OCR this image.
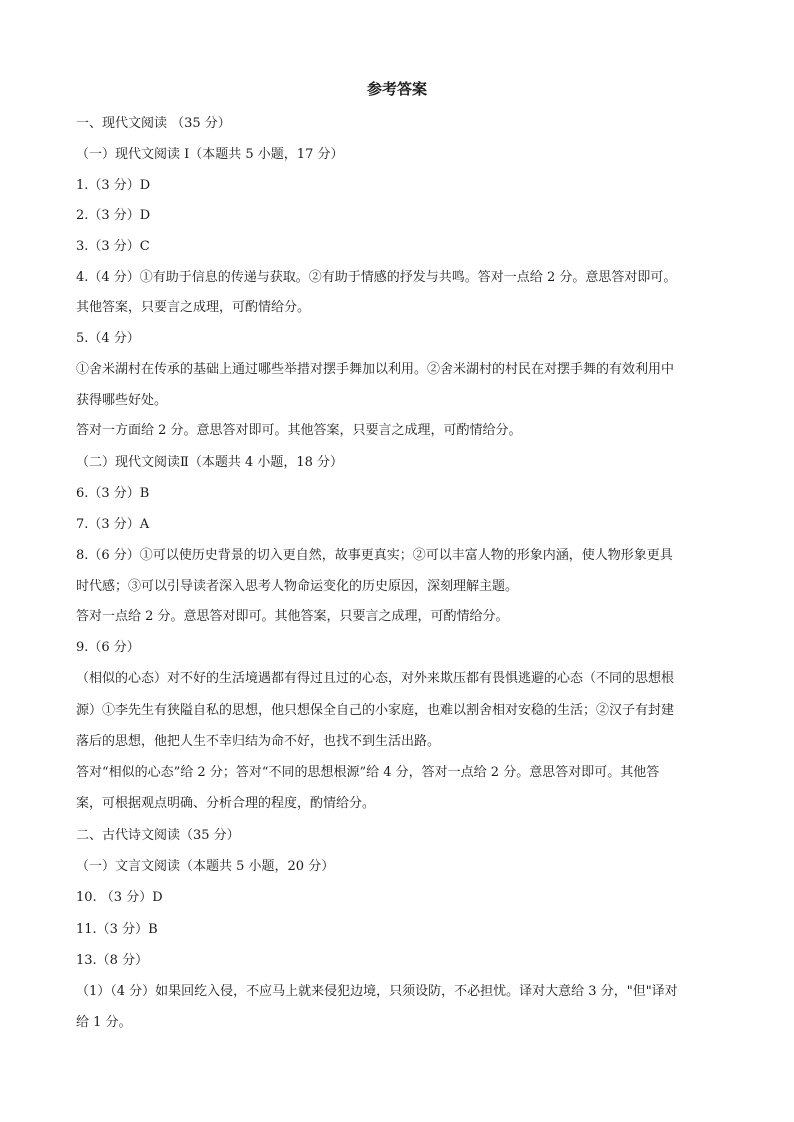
参考答案

一、现代文阅读 （35 分）

（一）现代文阅读 I（本题共 5 小题，17 分）

1.（3 分）D

2.（3 分）D

3.（3 分）C

4.（4 分）①有助于信息的传递与获取。②有助于情感的抒发与共鸣。答对一点给 2 分。意思答对即可。

其他答案，只要言之成理，可酌情给分。

5.（4 分）

①舍米湖村在传承的基础上通过哪些举措对摆手舞加以利用。②舍米湖村的村民在对摆手舞的有效利用中

获得哪些好处。

答对一方面给 2 分。意思答对即可。其他答案，只要言之成理，可酌情给分。

（二）现代文阅读Ⅱ（本题共 4 小题，18 分）

6.（3 分）B

7.（3 分）A

8.（6 分）①可以使历史背景的切入更自然，故事更真实；②可以丰富人物的形象内涵，使人物形象更具

时代感；③可以引导读者深入思考人物命运变化的历史原因，深刻理解主题。

答对一点给 2 分。意思答对即可。其他答案，只要言之成理，可酌情给分。

9.（6 分）

（相似的心态）对不好的生活境遇都有得过且过的心态，对外来欺压都有畏惧逃避的心态（不同的思想根

源）①李先生有狭隘自私的思想，他只想保全自己的小家庭，也难以割舍相对安稳的生活；②汉子有封建

落后的思想，他把人生不幸归结为命不好，也找不到生活出路。

答对“相似的心态”给 2 分；答对“不同的思想根源”给 4 分，答对一点给 2 分。意思答对即可。其他答

案，可根据观点明确、分析合理的程度，酌情给分。

二、古代诗文阅读（35 分）

（一）文言文阅读（本题共 5 小题，20 分）

10. （3 分）D

11.（3 分）B

13.（8 分）

（1）（4 分）如果回纥入侵，不应马上就来侵犯边境，只须设防，不必担忧。译对大意给 3 分，"但"译对

给 1 分。
